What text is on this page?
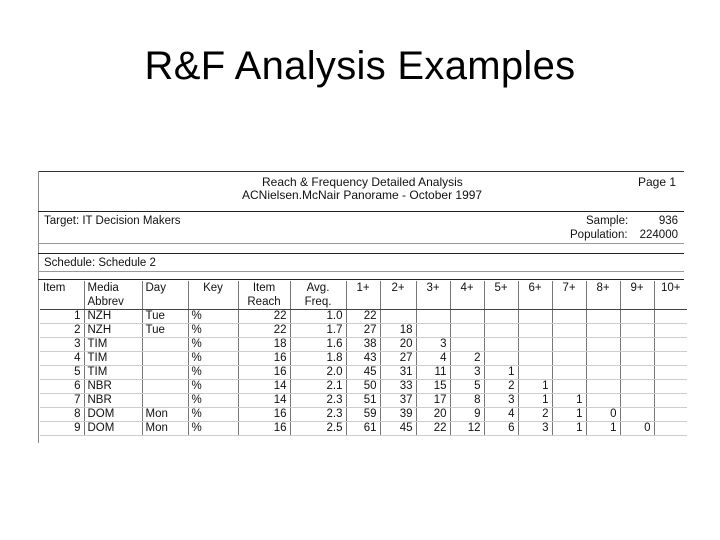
R&F Analysis Examples
Reach & Frequency Detailed Analysis
ACNielsen.McNair Panorame - October 1997
Page 1
Target: IT Decision Makers	Sample:	936
Population:	224000
Schedule: Schedule 2
Item	Media	Day	Key	Item	Avg.	1+	2+	3+	4+	5+	6+	7+	8+	9+	10+
	Abbrev			Reach	Freq.										
1	NZH	Tue	%	22	1.0	22									
2	NZH	Tue	%	22	1.7	27	18								
3	TIM		%	18	1.6	38	20	3							
4	TIM		%	16	1.8	43	27	4	2						
5	TIM		%	16	2.0	45	31	11	3	1					
6	NBR		%	14	2.1	50	33	15	5	2	1				
7	NBR		%	14	2.3	51	37	17	8	3	1	1			
8	DOM	Mon	%	16	2.3	59	39	20	9	4	2	1	0		
9	DOM	Mon	%	16	2.5	61	45	22	12	6	3	1	1	0	
